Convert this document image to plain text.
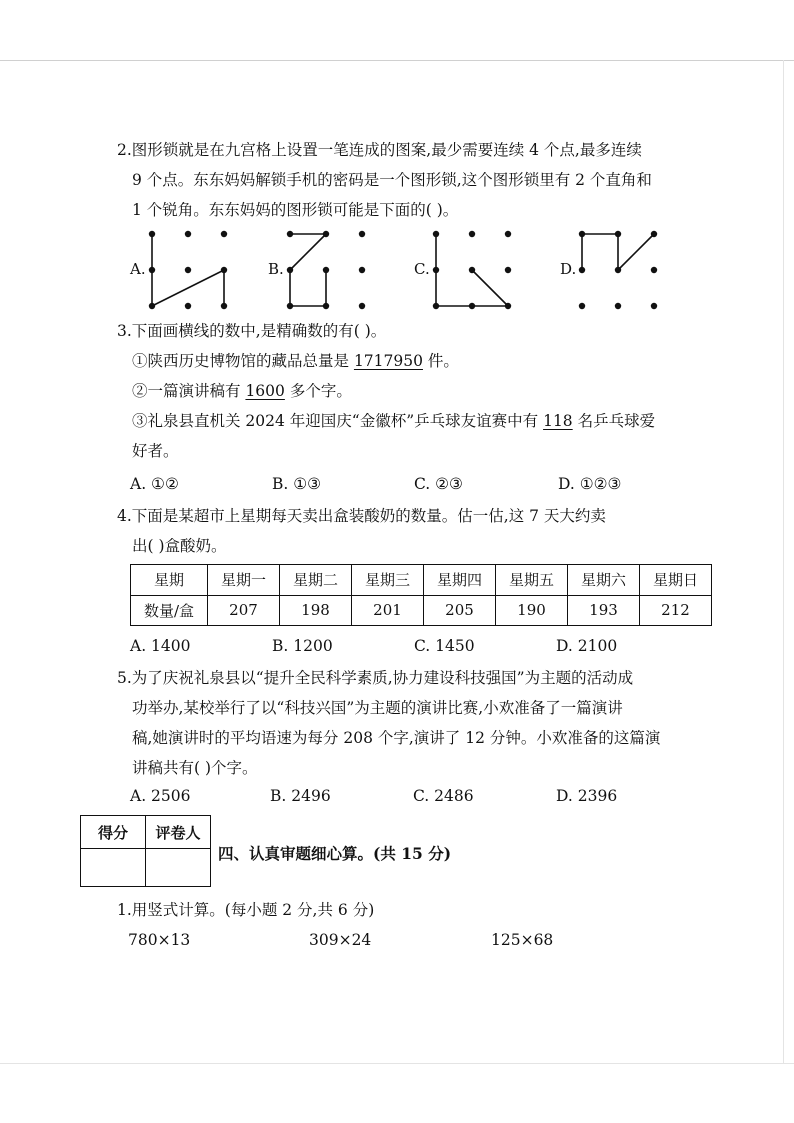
2.图形锁就是在九宫格上设置一笔连成的图案,最少需要连续 4 个点,最多连续
9 个点。东东妈妈解锁手机的密码是一个图形锁,这个图形锁里有 2 个直角和
1 个锐角。东东妈妈的图形锁可能是下面的( )。
A.	B.	C.	D.
3.下面画横线的数中,是精确数的有( )。
①陕西历史博物馆的藏品总量是 1717950 件。
②一篇演讲稿有 1600 多个字。
③礼泉县直机关 2024 年迎国庆“金徽杯”乒乓球友谊赛中有 118 名乒乓球爱
好者。
A. ①②	B. ①③	C. ②③	D. ①②③
4.下面是某超市上星期每天卖出盒装酸奶的数量。估一估,这 7 天大约卖
出( )盒酸奶。
星期	星期一	星期二	星期三	星期四	星期五	星期六	星期日
数量/盒	207	198	201	205	190	193	212
A. 1400	B. 1200	C. 1450	D. 2100
5.为了庆祝礼泉县以“提升全民科学素质,协力建设科技强国”为主题的活动成
功举办,某校举行了以“科技兴国”为主题的演讲比赛,小欢准备了一篇演讲
稿,她演讲时的平均语速为每分 208 个字,演讲了 12 分钟。小欢准备的这篇演
讲稿共有( )个字。
A. 2506	B. 2496	C. 2486	D. 2396
得分	评卷人

四、认真审题细心算。(共 15 分)
1.用竖式计算。(每小题 2 分,共 6 分)
780×13	309×24	125×68
